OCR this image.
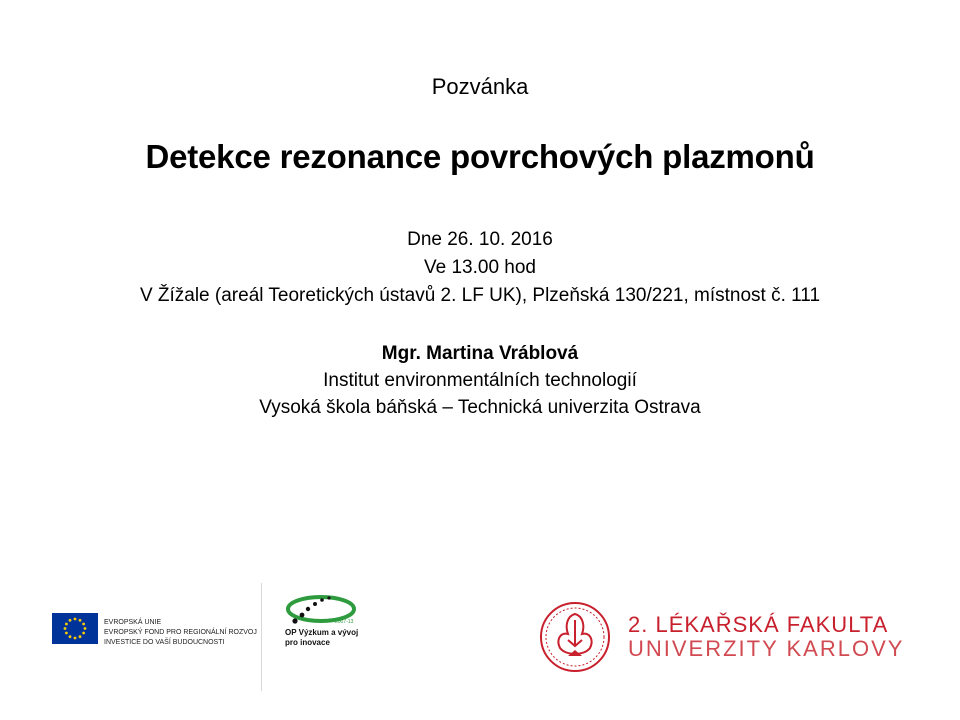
Pozvánka
Detekce rezonance povrchových plazmonů
Dne 26. 10. 2016
Ve 13.00 hod
V Žížale (areál Teoretických ústavů 2. LF UK), Plzeňská 130/221, místnost č. 111
Mgr. Martina Vráblová
Institut environmentálních technologií
Vysoká škola báňská – Technická univerzita Ostrava
EVROPSKÁ UNIE
EVROPSKÝ FOND PRO REGIONÁLNÍ ROZVOJ
INVESTICE DO VAŠÍ BUDOUCNOSTI
2007-13
OP Výzkum a vývoj
pro inovace
2. LÉKAŘSKÁ FAKULTA
UNIVERZITY KARLOVY
